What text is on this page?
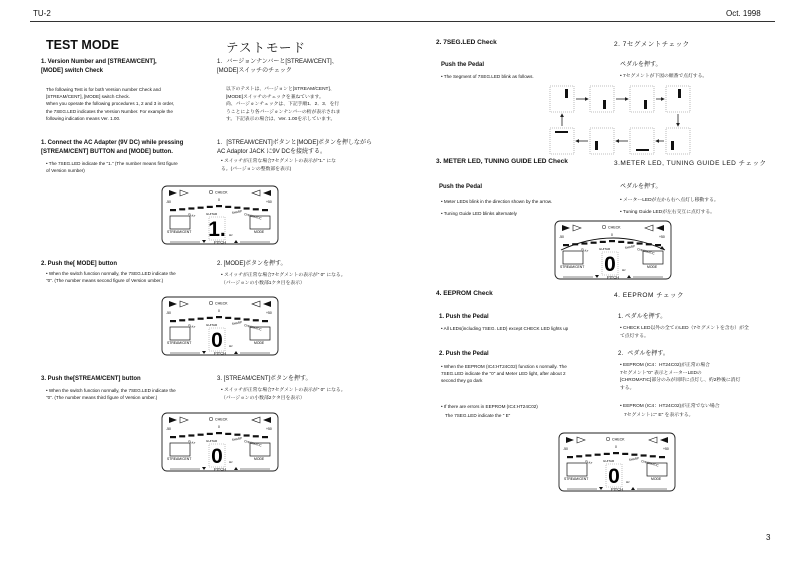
TU-2	Oct. 1998
TEST MODE	テストモード
1. Version Number and [STREAM/CENT],
[MODE] switch Check
1．バージョンナンバーと[STREAM/CENT]、
[MODE]スイッチのチェック
The following Test is for both Version number Check and
[STREAM/CENT], [MODE] switch Check.
When you operate the following procedures 1, 2 and 3 in order,
the 7SEG.LED indicates the Version Number. For example the
following indication means Ver. 1.00.
以下のテストは、バージョンと[STREAM/CENT]、
[MODE]スイッチのチェックを兼ねています。
尚、バージョンチェックは、下記手順1．2．3．を行
うことにより各バージョンナンバーの桁が表示されま
す。下記表示の場合は、Ver. 1.00を示しています。
1. Connect the AC Adapter (9V DC) while pressing
[STREAM/CENT] BUTTON and [MODE] button.
• The 7SEG.LED indicate the "1." (The number means first figure
of Version number)
1．[STREAM/CENT]ボタンと[MODE]ボタンを押しながら
AC Adaptor JACK に9V DCを接続する。
• スイッチが正常な場合7セグメントの表示が"1." にな
る。(バージョンの整数部を表示)
CHECK
-50	0	+50
FLAT	GUITAR	SHARP CHROMATIC
STREAM/CENT	MODE
1. Hz
PITCH
2. Push the[ MODE] button
• When the switch function normally, the 7SEG.LED indicate the
"0". (The number means second figure of Version umber.)
2. [MODE]ボタンを押す。
• スイッチが正常な場合7セグメントの表示が" 0" になる。
（バージョンの小数部1ケタ目を表示）
CHECK
-50	0	+50
FLAT	GUITAR	SHARP CHROMATIC
STREAM/CENT	MODE
0 Hz
PITCH
3. Push the[STREAM/CENT] button
• When the switch function normally, the 7SEG.LED indicate the
"0". (The number means third figure of Version umber.)
3. [STREAM/CENT]ボタンを押す。
• スイッチが正常な場合7セグメントの表示が" 0" になる。
（バージョンの小数部2ケタ目を表示）
CHECK
-50	0	+50
FLAT	GUITAR	SHARP CHROMATIC
STREAM/CENT	MODE
0 Hz
PITCH
2. 7SEG.LED Check	2. 7セグメントチェック
Push the Pedal
• The Segment of 7SEG.LED blink as follows.
ペダルを押す。
• 7セグメントが下図の順番で点灯する。
3. METER LED, TUNING GUIDE LED Check	3.METER LED, TUNING GUIDE LED チェック
Push the Pedal
• Meter LEDs blink in the direction shown by the arrow.
• Tuning Guide LED blinks alternately
ペダルを押す。
• メーターLEDが左から右へ点灯し移動する。
• Tuning Guide LEDが左右交互に点灯する。
CHECK
-50	0	+50
FLAT	GUITAR	SHARP CHROMATIC
STREAM/CENT	MODE
0 Hz
PITCH
4. EEPROM Check	4. EEPROM チェック
1. Push the Pedal
• All LEDs(including 7SEG. LED) except CHECK LED lights up
1. ペダルを押す。
• CHECK LED以外の全てのLED（7セグメントを含む）が全
て点灯する。
2. Push the Pedal
• When the EEPROM (IC4:HT24C02) function s normally. The
7SEG.LED indicate the "0" and Meter LED light, after about 2
second they go dark
2．ペダルを押す。
• EEPROM (IC4：HT24C02)が正常の場合
7セグメント"0" 表示とメーターLEDの
[CHROMATIC]部分のみが同時に点灯し、約2秒後に消灯
する。
• If there are errors in EEPROM (IC4:HT24C02)
The 7SEG.LED indicate the " E"
• EEPROM (IC4：HT24C02)が正常でない場合
7セグメントに" E" を表示する。
CHECK
-50	0	+50
FLAT	GUITAR	SHARP CHROMATIC
STREAM/CENT	MODE
0 Hz
PITCH
3
